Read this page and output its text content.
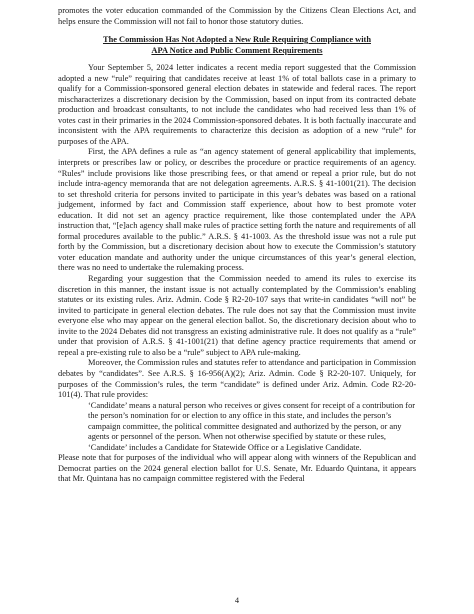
promotes the voter education commanded of the Commission by the Citizens Clean Elections Act, and helps ensure the Commission will not fail to honor those statutory duties.

The Commission Has Not Adopted a New Rule Requiring Compliance with
APA Notice and Public Comment Requirements

Your September 5, 2024 letter indicates a recent media report suggested that the Commission adopted a new “rule” requiring that candidates receive at least 1% of total ballots case in a primary to qualify for a Commission-sponsored general election debates in statewide and federal races. The report mischaracterizes a discretionary decision by the Commission, based on input from its contracted debate production and broadcast consultants, to not include the candidates who had received less than 1% of votes cast in their primaries in the 2024 Commission-sponsored debates. It is both factually inaccurate and inconsistent with the APA requirements to characterize this decision as adoption of a new “rule” for purposes of the APA.

First, the APA defines a rule as “an agency statement of general applicability that implements, interprets or prescribes law or policy, or describes the procedure or practice requirements of an agency. “Rules” include provisions like those prescribing fees, or that amend or repeal a prior rule, but do not include intra-agency memoranda that are not delegation agreements. A.R.S. § 41-1001(21). The decision to set threshold criteria for persons invited to participate in this year’s debates was based on a rational judgement, informed by fact and Commission staff experience, about how to best promote voter education. It did not set an agency practice requirement, like those contemplated under the APA instruction that, “[e]ach agency shall make rules of practice setting forth the nature and requirements of all formal procedures available to the public.” A.R.S. § 41-1003. As the threshold issue was not a rule put forth by the Commission, but a discretionary decision about how to execute the Commission’s statutory voter education mandate and authority under the unique circumstances of this year’s general election, there was no need to undertake the rulemaking process.

Regarding your suggestion that the Commission needed to amend its rules to exercise its discretion in this manner, the instant issue is not actually contemplated by the Commission’s enabling statutes or its existing rules. Ariz. Admin. Code § R2-20-107 says that write-in candidates “will not” be invited to participate in general election debates. The rule does not say that the Commission must invite everyone else who may appear on the general election ballot. So, the discretionary decision about who to invite to the 2024 Debates did not transgress an existing administrative rule. It does not qualify as a “rule” under that provision of A.R.S. § 41-1001(21) that define agency practice requirements that amend or repeal a pre-existing rule to also be a “rule” subject to APA rule-making.

Moreover, the Commission rules and statutes refer to attendance and participation in Commission debates by “candidates”. See A.R.S. § 16-956(A)(2); Ariz. Admin. Code § R2-20-107. Uniquely, for purposes of the Commission’s rules, the term “candidate” is defined under Ariz. Admin. Code R2-20-101(4). That rule provides:

‘Candidate’ means a natural person who receives or gives consent for receipt of a contribution for the person’s nomination for or election to any office in this state, and includes the person’s campaign committee, the political committee designated and authorized by the person, or any agents or personnel of the person. When not otherwise specified by statute or these rules, ‘Candidate’ includes a Candidate for Statewide Office or a Legislative Candidate.

Please note that for purposes of the individual who will appear along with winners of the Republican and Democrat parties on the 2024 general election ballot for U.S. Senate, Mr. Eduardo Quintana, it appears that Mr. Quintana has no campaign committee registered with the Federal

4
